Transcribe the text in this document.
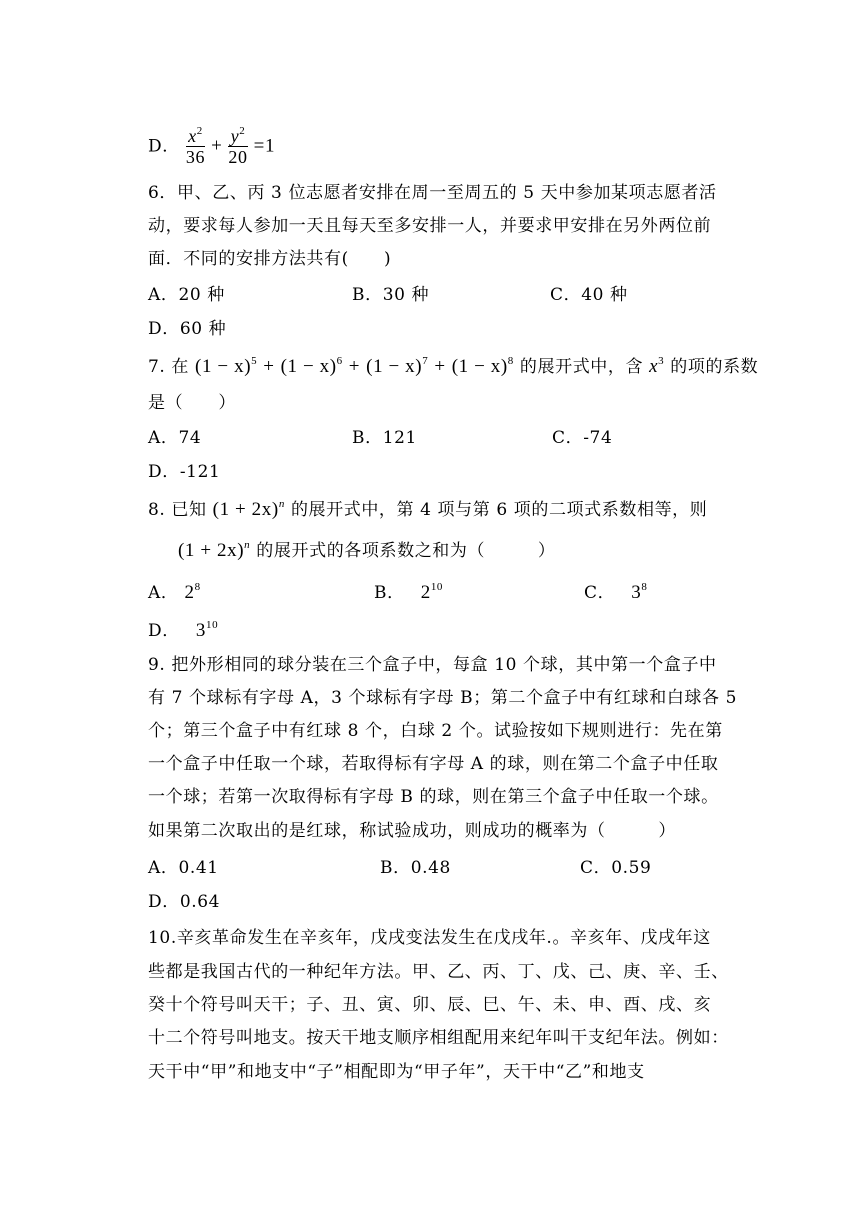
D． $\frac{x^2}{36} + \frac{y^2}{20} =1$
6．甲、乙、丙 3 位志愿者安排在周一至周五的 5 天中参加某项志愿者活
动，要求每人参加一天且每天至多安排一人，并要求甲安排在另外两位前
面．不同的安排方法共有(　　)
A．20 种	B．30 种	C．40 种
D．60 种
7. 在 $(1 - x)^5 + (1 - x)^6 + (1 - x)^7 + (1 - x)^8$ 的展开式中，含 $x^3$ 的项的系数
是（　　）
A．74	B．121	C．-74
D．-121
8. 已知 $(1 + 2x)^n$ 的展开式中，第 4 项与第 6 项的二项式系数相等，则
$(1 + 2x)^n$ 的展开式的各项系数之和为（　　　）
A． $2^8$	B． $2^{10}$	C． $3^8$
D． $3^{10}$
9. 把外形相同的球分装在三个盒子中，每盒 10 个球，其中第一个盒子中
有 7 个球标有字母 A，3 个球标有字母 B；第二个盒子中有红球和白球各 5
个；第三个盒子中有红球 8 个，白球 2 个。试验按如下规则进行：先在第
一个盒子中任取一个球，若取得标有字母 A 的球，则在第二个盒子中任取
一个球；若第一次取得标有字母 B 的球，则在第三个盒子中任取一个球。
如果第二次取出的是红球，称试验成功，则成功的概率为（　　　）
A．0.41	B．0.48	C．0.59
D．0.64
10.辛亥革命发生在辛亥年，戊戌变法发生在戊戌年.。辛亥年、戊戌年这
些都是我国古代的一种纪年方法。甲、乙、丙、丁、戊、己、庚、辛、壬、
癸十个符号叫天干；子、丑、寅、卯、辰、巳、午、未、申、酉、戌、亥
十二个符号叫地支。按天干地支顺序相组配用来纪年叫干支纪年法。例如：
天干中“甲”和地支中“子”相配即为“甲子年”，天干中“乙”和地支
